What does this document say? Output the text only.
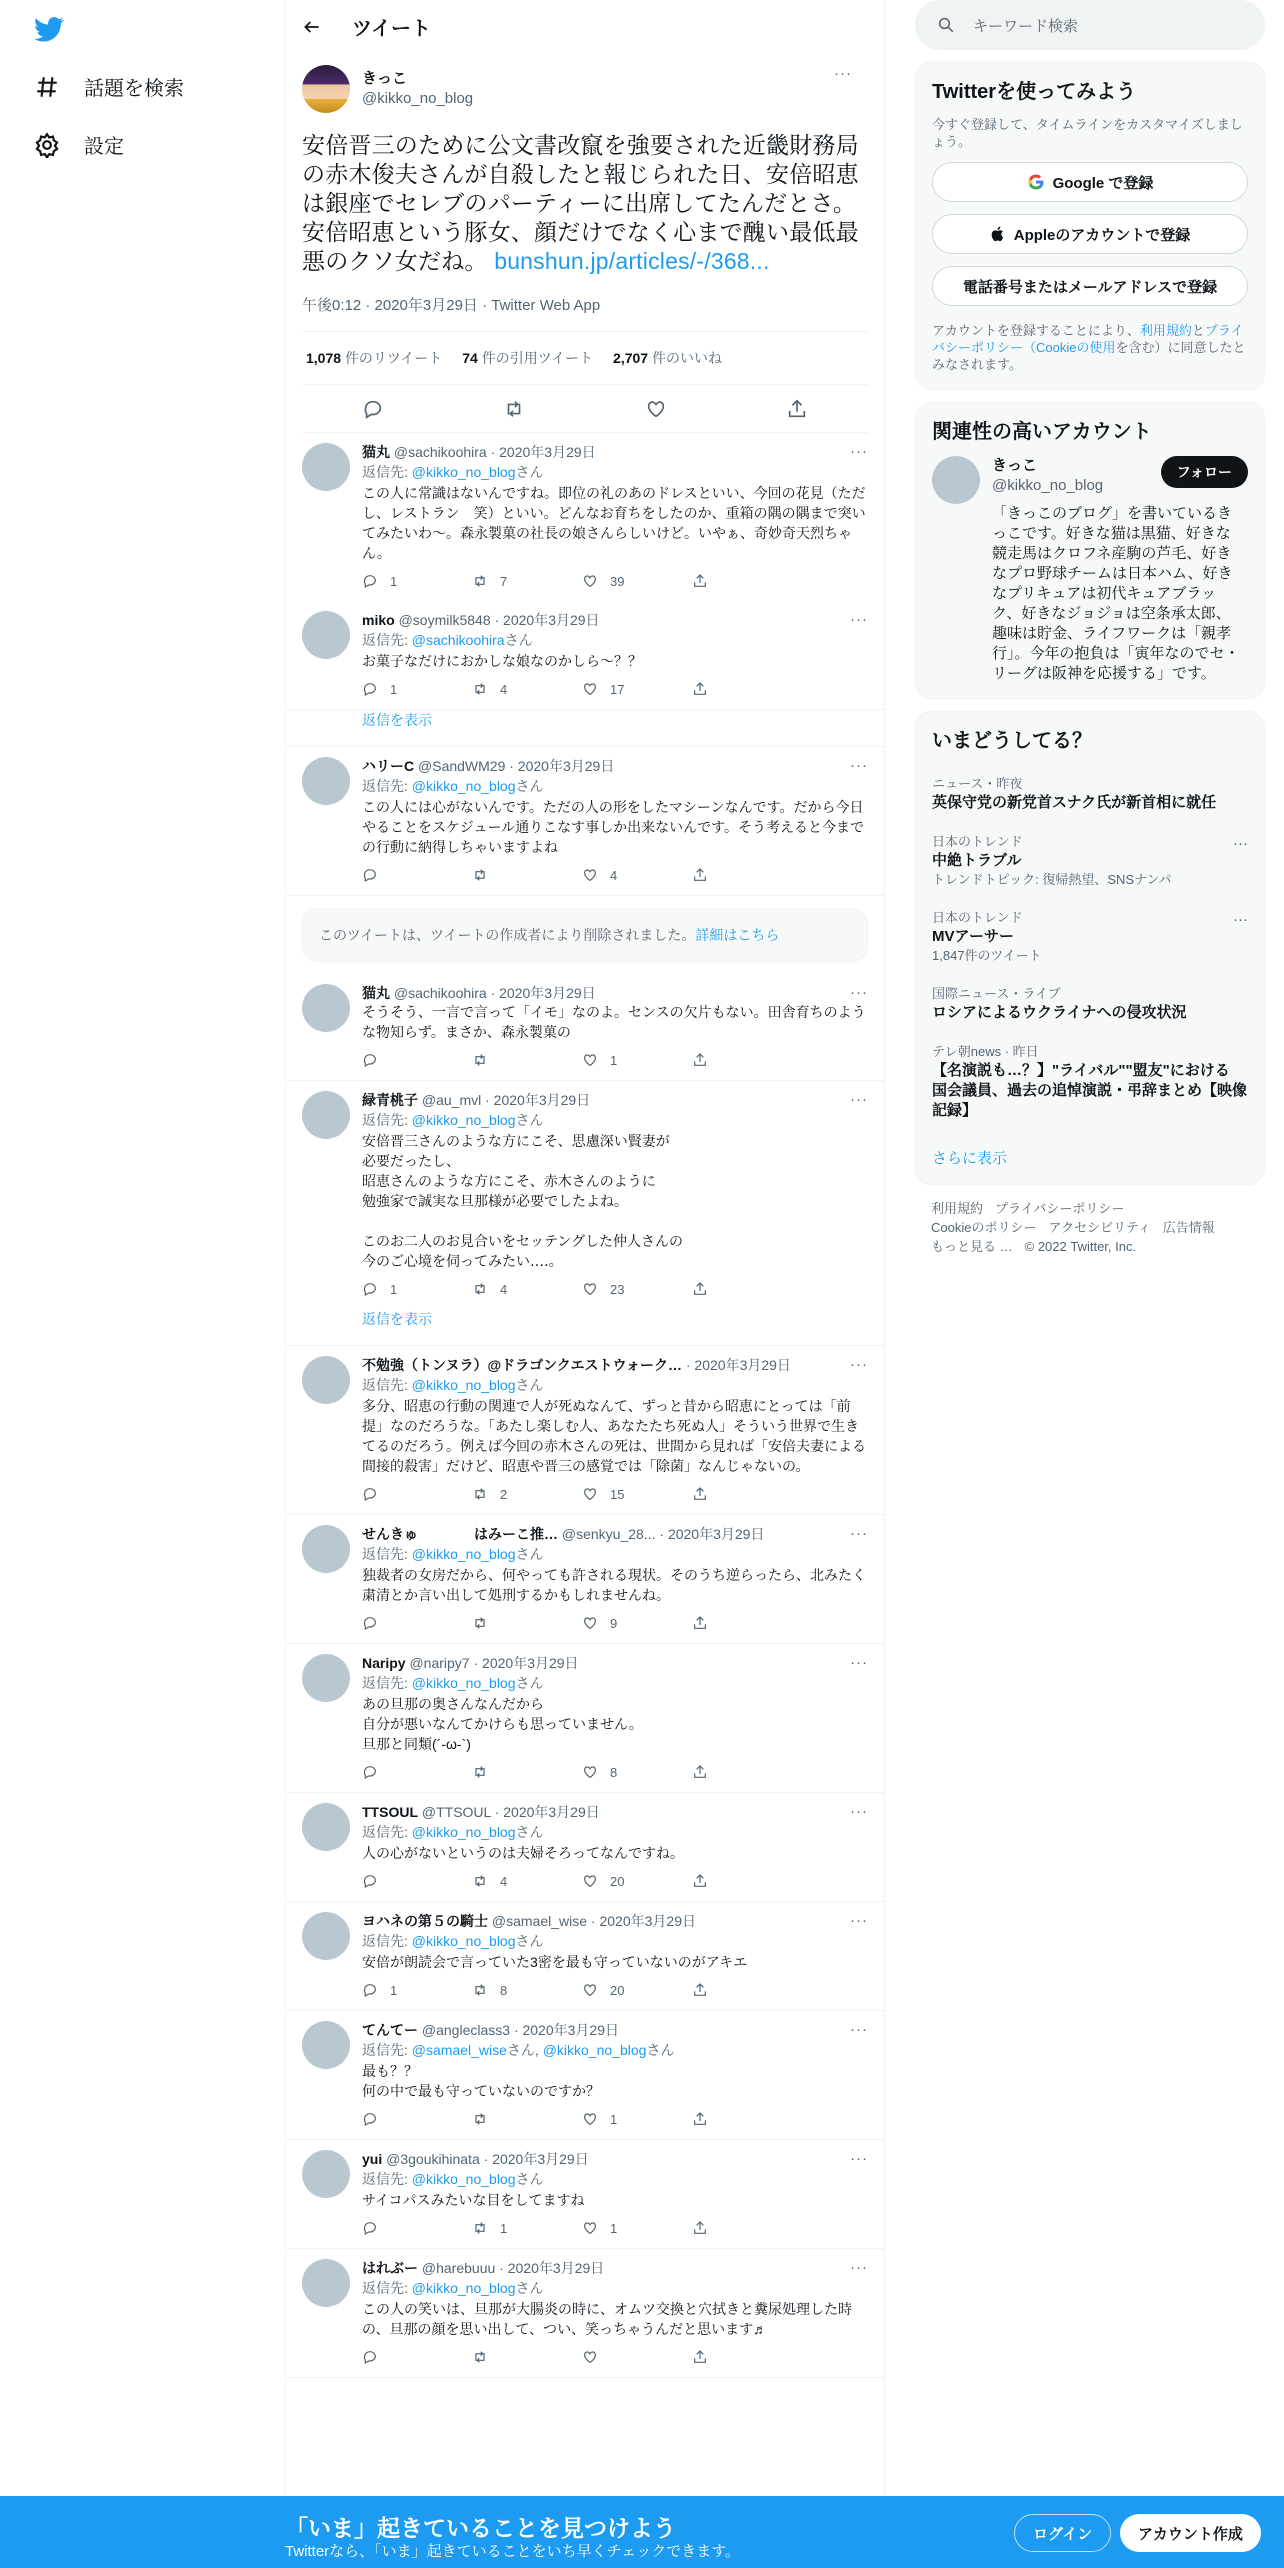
話題を検索
設定
ツイート
きっこ
@kikko_no_blog
···
安倍晋三のために公文書改竄を強要された近畿財務局の赤木俊夫さんが自殺したと報じられた日、安倍昭恵は銀座でセレブのパーティーに出席してたんだとさ。安倍昭恵という豚女、顔だけでなく心まで醜い最低最悪のクソ女だね。 bunshun.jp/articles/-/368...
午後0:12 · 2020年3月29日 · Twitter Web App
1,078 件のリツイート 74 件の引用ツイート 2,707 件のいいね
猫丸 @sachikoohira · 2020年3月29日
返信先: @kikko_no_blogさん
この人に常識はないんですね。即位の礼のあのドレスといい、今回の花見（ただし、レストラン　笑）といい。どんなお育ちをしたのか、重箱の隅の隅まで突いてみたいわ〜。森永製菓の社長の娘さんらしいけど。いやぁ、奇妙奇天烈ちゃん。
1	7	39
···
miko @soymilk5848 · 2020年3月29日
返信先: @sachikoohiraさん
お菓子なだけにおかしな娘なのかしら〜？？
1	4	17
···
返信を表示
ハリーC @SandWM29 · 2020年3月29日
返信先: @kikko_no_blogさん
この人には心がないんです。ただの人の形をしたマシーンなんです。だから今日やることをスケジュール通りこなす事しか出来ないんです。そう考えると今までの行動に納得しちゃいますよね
4
···
このツイートは、ツイートの作成者により削除されました。詳細はこちら
猫丸 @sachikoohira · 2020年3月29日
そうそう、一言で言って「イモ」なのよ。センスの欠片もない。田舎育ちのような物知らず。まさか、森永製菓の
1
···
緑青桃子 @au_mvl · 2020年3月29日
返信先: @kikko_no_blogさん
安倍晋三さんのような方にこそ、思慮深い賢妻が
必要だったし、
昭恵さんのような方にこそ、赤木さんのように
勉強家で誠実な旦那様が必要でしたよね。

このお二人のお見合いをセッテングした仲人さんの
今のご心境を伺ってみたい‥‥。
1	4	23
···
返信を表示
不勉強（トンヌラ）@ドラゴンクエストウォーク… · 2020年3月29日
返信先: @kikko_no_blogさん
多分、昭恵の行動の関連で人が死ぬなんて、ずっと昔から昭恵にとっては「前提」なのだろうな。「あたし楽しむ人、あなたたち死ぬ人」そういう世界で生きてるのだろう。例えば今回の赤木さんの死は、世間から見れば「安倍夫妻による間接的殺害」だけど、昭恵や晋三の感覚では「除菌」なんじゃないの。
2	15
···
せんきゅ　　　　はみーこ推… @senkyu_28... · 2020年3月29日
返信先: @kikko_no_blogさん
独裁者の女房だから、何やっても許される現状。そのうち逆らったら、北みたく粛清とか言い出して処刑するかもしれませんね。
9
···
Naripy @naripy7 · 2020年3月29日
返信先: @kikko_no_blogさん
あの旦那の奥さんなんだから
自分が悪いなんてかけらも思っていません。
旦那と同類(´-ω-`)
8
···
TTSOUL @TTSOUL · 2020年3月29日
返信先: @kikko_no_blogさん
人の心がないというのは夫婦そろってなんですね。
4	20
···
ヨハネの第５の騎士 @samael_wise · 2020年3月29日
返信先: @kikko_no_blogさん
安倍が朗読会で言っていた3密を最も守っていないのがアキエ
1	8	20
···
てんてー @angleclass3 · 2020年3月29日
返信先: @samael_wiseさん, @kikko_no_blogさん
最も？？
何の中で最も守っていないのですか？
1
···
yui @3goukihinata · 2020年3月29日
返信先: @kikko_no_blogさん
サイコパスみたいな目をしてますね
1	1
···
はれぶー @harebuuu · 2020年3月29日
返信先: @kikko_no_blogさん
この人の笑いは、旦那が大腸炎の時に、オムツ交換と穴拭きと糞尿処理した時の、旦那の顔を思い出して、つい、笑っちゃうんだと思います♬
···
キーワード検索
Twitterを使ってみよう
今すぐ登録して、タイムラインをカスタマイズしましょう。
Google で登録
Appleのアカウントで登録
電話番号またはメールアドレスで登録
アカウントを登録することにより、利用規約とプライバシーポリシー（Cookieの使用を含む）に同意したとみなされます。
関連性の高いアカウント
きっこ
@kikko_no_blog
「きっこのブログ」を書いているきっこです。好きな猫は黒猫、好きな競走馬はクロフネ産駒の芦毛、好きなプロ野球チームは日本ハム、好きなプリキュアは初代キュアブラック、好きなジョジョは空条承太郎、趣味は貯金、ライフワークは「親孝行」。今年の抱負は「寅年なのでセ・リーグは阪神を応援する」です。
フォロー
いまどうしてる？
ニュース・昨夜
英保守党の新党首スナク氏が新首相に就任
日本のトレンド
中絶トラブル
トレンドトピック: 復帰熱望、SNSナンパ
···
日本のトレンド
MVアーサー
1,847件のツイート
···
国際ニュース・ライブ
ロシアによるウクライナへの侵攻状況
テレ朝news · 昨日
【名演説も…？】"ライバル""盟友"における 国会議員、過去の追悼演説・弔辞まとめ【映像記録】
さらに表示
利用規約 プライバシーポリシー
Cookieのポリシー アクセシビリティ 広告情報
もっと見る … © 2022 Twitter, Inc.
「いま」起きていることを見つけよう
Twitterなら、「いま」起きていることをいち早くチェックできます。
ログイン	アカウント作成
